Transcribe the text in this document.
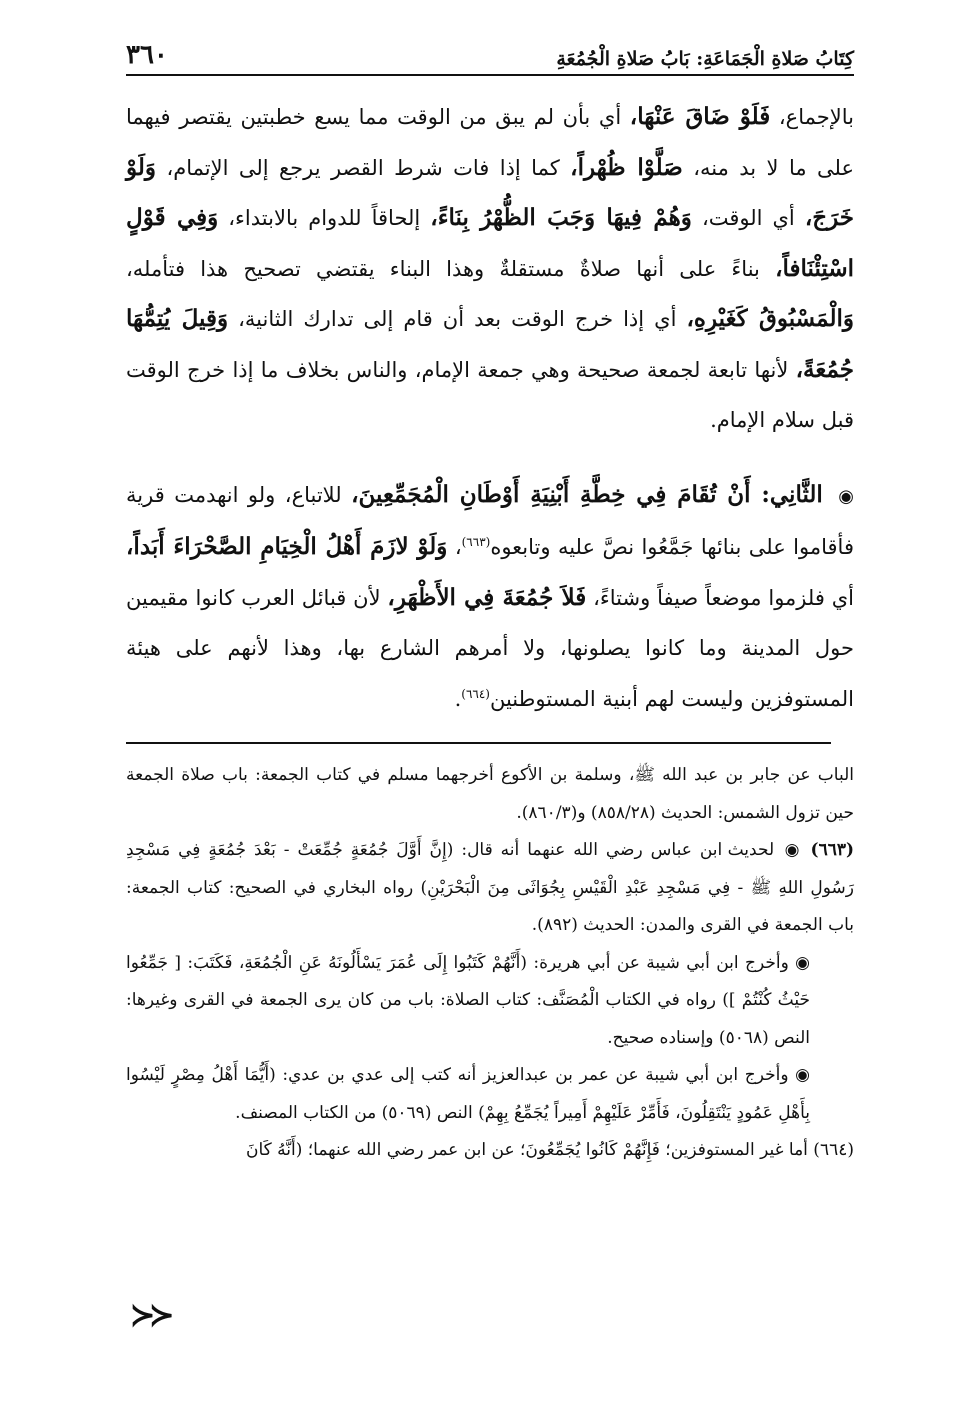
كِتَابُ صَلاةِ الْجَمَاعَةِ: بَابُ صَلاةِ الْجُمُعَةِ
٣٦٠

بالإجماع، فَلَوْ ضَاقَ عَنْهَا، أي بأن لم يبق من الوقت مما يسع خطبتين يقتصر فيهما على ما لا بد منه، صَلَّوْا ظُهْراً، كما إذا فات شرط القصر يرجع إلى الإتمام، وَلَوْ خَرَجَ، أي الوقت، وَهُمْ فِيهَا وَجَبَ الظُّهْرُ بِنَاءً، إلحاقاً للدوام بالابتداء، وَفِي قَوْلٍ اسْتِئْنَافاً، بناءً على أنها صلاةٌ مستقلةٌ وهذا البناء يقتضي تصحيح هذا فتأمله، وَالْمَسْبُوقُ كَغَيْرِهِ، أي إذا خرج الوقت بعد أن قام إلى تدارك الثانية، وَقِيلَ يُتِمُّهَا جُمُعَةً، لأنها تابعة لجمعة صحيحة وهي جمعة الإمام، والناس بخلاف ما إذا خرج الوقت قبل سلام الإمام.

◉ الثَّانِي: أَنْ تُقَامَ فِي خِطَّةِ أَبْنِيَةِ أَوْطَانِ الْمُجَمِّعِينَ، للاتباع، ولو انهدمت قرية فأقاموا على بنائها جَمَّعُوا نصَّ عليه وتابعوه$^{(٦٦٣)}$، وَلَوْ لازَمَ أَهْلُ الْخِيَامِ الصَّحْرَاءَ أَبَداً، أي فلزموا موضعاً صيفاً وشتاءً، فَلاَ جُمُعَةَ فِي الأَظْهَرِ، لأن قبائل العرب كانوا مقيمين حول المدينة وما كانوا يصلونها، ولا أمرهم الشارع بها، وهذا لأنهم على هيئة المستوفزين وليست لهم أبنية المستوطنين$^{(٦٦٤)}$.

الباب عن جابر بن عبد الله ﷺ، وسلمة بن الأكوع أخرجهما مسلم في كتاب الجمعة: باب صلاة الجمعة حين تزول الشمس: الحديث (٨٥٨/٢٨) و(٨٦٠/٣).

(٦٦٣) ◉ لحديث ابن عباس رضي الله عنهما أنه قال: (إِنَّ أَوَّلَ جُمُعَةٍ جُمِّعَتْ - بَعْدَ جُمُعَةٍ فِي مَسْجِدِ رَسُولِ اللهِ ﷺ - فِي مَسْجِدِ عَبْدِ الْقَيْسِ بِجُوَاثَى مِنَ الْبَحْرَيْنِ) رواه البخاري في الصحيح: كتاب الجمعة: باب الجمعة في القرى والمدن: الحديث (٨٩٢).

◉ وأخرج ابن أبي شيبة عن أبي هريرة: (أَنَّهُمْ كَتَبُوا إِلَى عُمَرَ يَسْأَلُونَهُ عَنِ الْجُمُعَةِ، فَكَتَبَ: [ جَمِّعُوا حَيْثُ كُنْتُمْ ]) رواه في الكتاب الْمُصَنَّف: كتاب الصلاة: باب من كان يرى الجمعة في القرى وغيرها: النص (٥٠٦٨) وإسناده صحيح.

◉ وأخرج ابن أبي شيبة عن عمر بن عبدالعزيز أنه كتب إلى عدي بن عدي: (أَيُّمَا أَهْلُ مِصْرٍ لَيْسُوا بِأَهْلِ عَمُودٍ يَنْتَقِلُونَ، فَأَمِّرْ عَلَيْهِمْ أَمِيراً يُجَمِّعُ بِهِمْ) النص (٥٠٦٩) من الكتاب المصنف.

(٦٦٤) أما غير المستوفزين؛ فَإِنَّهُمْ كَانُوا يُجَمِّعُونَ؛ عن ابن عمر رضي الله عنهما؛ (أَنَّهُ كَانَ

≺≺
